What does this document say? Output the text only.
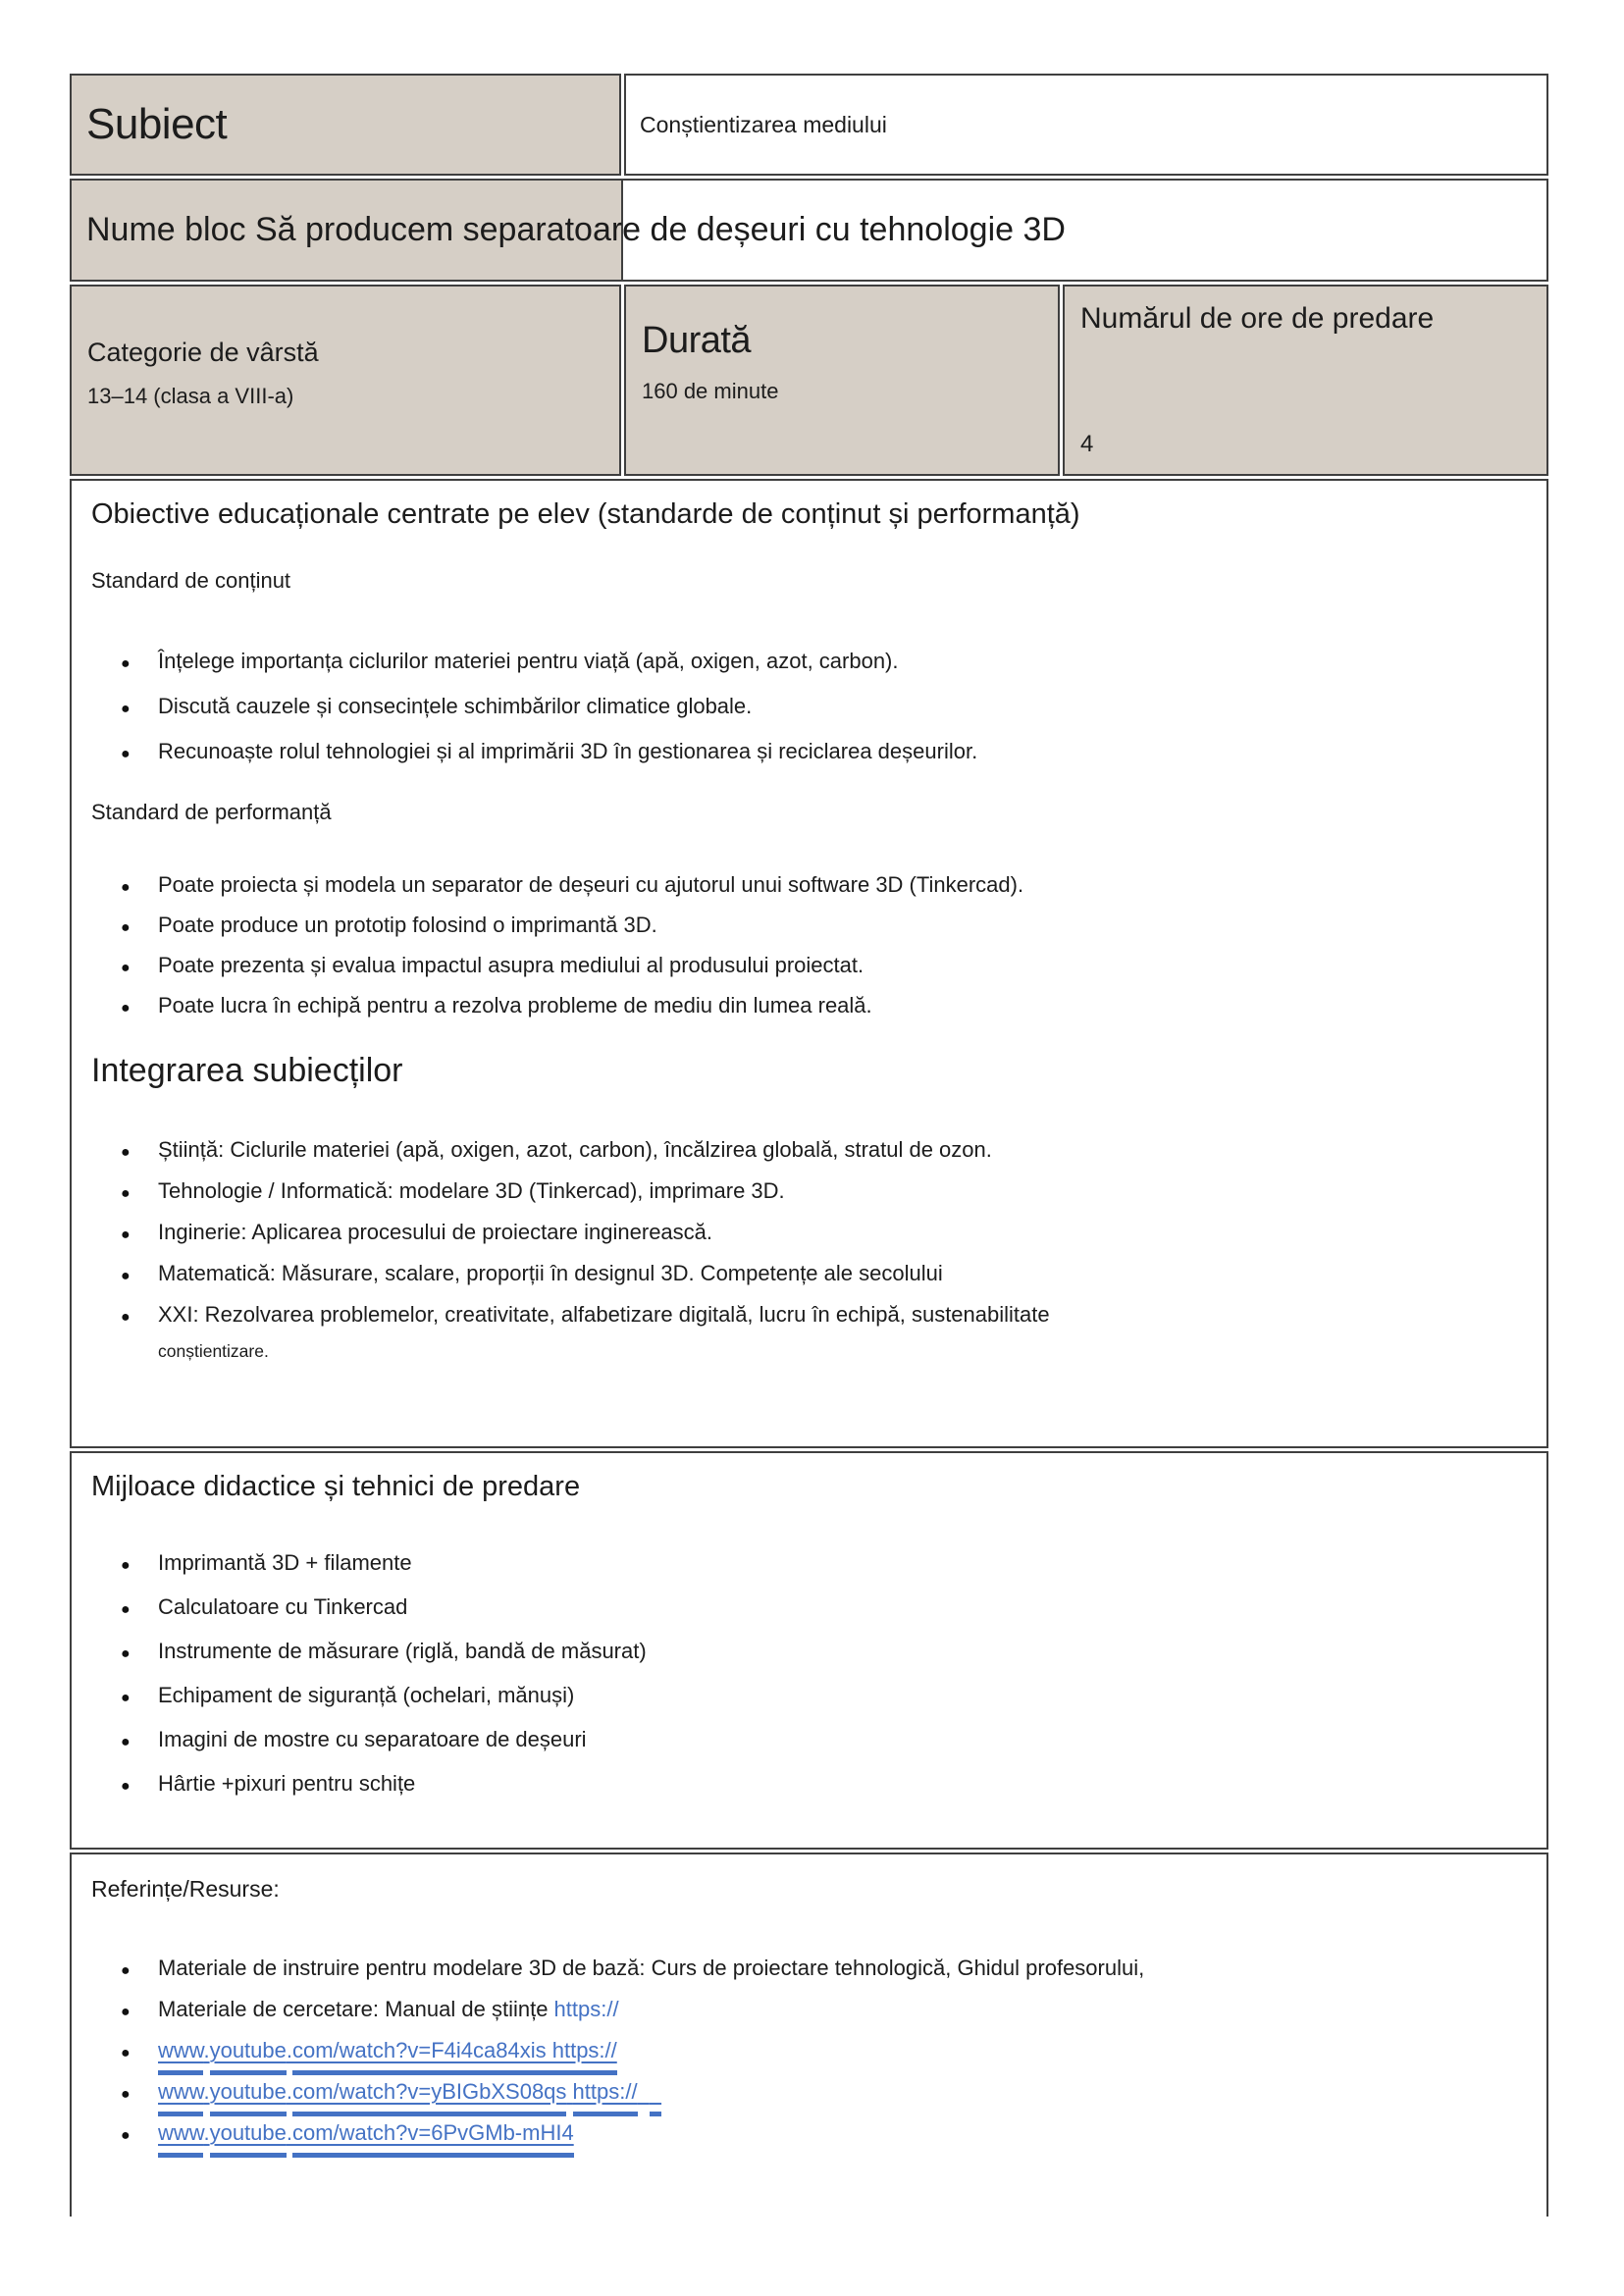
Subiect	Conștientizarea mediului
Nume bloc Să producem separatoare de deșeuri cu tehnologie 3D
Categorie de vârstă
13–14 (clasa a VIII-a)
Durată
160 de minute
Numărul de ore de predare
4
Obiective educaționale centrate pe elev (standarde de conținut și performanță)
Standard de conținut
● Înțelege importanța ciclurilor materiei pentru viață (apă, oxigen, azot, carbon).
● Discută cauzele și consecințele schimbărilor climatice globale.
● Recunoaște rolul tehnologiei și al imprimării 3D în gestionarea și reciclarea deșeurilor.
Standard de performanță
● Poate proiecta și modela un separator de deșeuri cu ajutorul unui software 3D (Tinkercad).
● Poate produce un prototip folosind o imprimantă 3D.
● Poate prezenta și evalua impactul asupra mediului al produsului proiectat.
● Poate lucra în echipă pentru a rezolva probleme de mediu din lumea reală.
Integrarea subiecților
● Știință: Ciclurile materiei (apă, oxigen, azot, carbon), încălzirea globală, stratul de ozon.
● Tehnologie / Informatică: modelare 3D (Tinkercad), imprimare 3D.
● Inginerie: Aplicarea procesului de proiectare inginerească.
● Matematică: Măsurare, scalare, proporții în designul 3D. Competențe ale secolului
● XXI: Rezolvarea problemelor, creativitate, alfabetizare digitală, lucru în echipă, sustenabilitate
conștientizare.
Mijloace didactice și tehnici de predare
● Imprimantă 3D + filamente
● Calculatoare cu Tinkercad
● Instrumente de măsurare (riglă, bandă de măsurat)
● Echipament de siguranță (ochelari, mănuși)
● Imagini de mostre cu separatoare de deșeuri
● Hârtie +pixuri pentru schițe
Referințe/Resurse:
● Materiale de instruire pentru modelare 3D de bază: Curs de proiectare tehnologică, Ghidul profesorului,
● Materiale de cercetare: Manual de științe https://
● www.youtube.com/watch?v=F4i4ca84xis https://
● www.youtube.com/watch?v=yBIGbXS08qs https://
● www.youtube.com/watch?v=6PvGMb-mHI4
